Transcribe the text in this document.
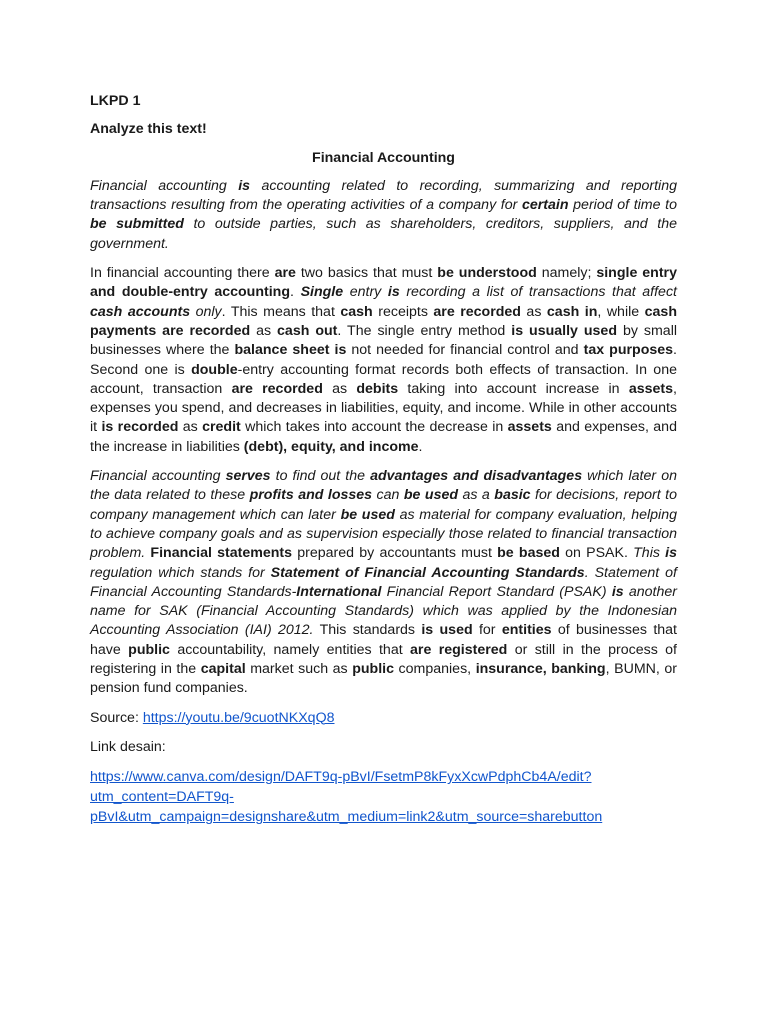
LKPD 1
Analyze this text!
Financial Accounting

Financial accounting is accounting related to recording, summarizing and reporting transactions resulting from the operating activities of a company for certain period of time to be submitted to outside parties, such as shareholders, creditors, suppliers, and the government.

In financial accounting there are two basics that must be understood namely; single entry and double-entry accounting. Single entry is recording a list of transactions that affect cash accounts only. This means that cash receipts are recorded as cash in, while cash payments are recorded as cash out. The single entry method is usually used by small businesses where the balance sheet is not needed for financial control and tax purposes. Second one is double-entry accounting format records both effects of transaction. In one account, transaction are recorded as debits taking into account increase in assets, expenses you spend, and decreases in liabilities, equity, and income. While in other accounts it is recorded as credit which takes into account the decrease in assets and expenses, and the increase in liabilities (debt), equity, and income.

Financial accounting serves to find out the advantages and disadvantages which later on the data related to these profits and losses can be used as a basic for decisions, report to company management which can later be used as material for company evaluation, helping to achieve company goals and as supervision especially those related to financial transaction problem. Financial statements prepared by accountants must be based on PSAK. This is regulation which stands for Statement of Financial Accounting Standards. Statement of Financial Accounting Standards-International Financial Report Standard (PSAK) is another name for SAK (Financial Accounting Standards) which was applied by the Indonesian Accounting Association (IAI) 2012. This standards is used for entities of businesses that have public accountability, namely entities that are registered or still in the process of registering in the capital market such as public companies, insurance, banking, BUMN, or pension fund companies.

Source: https://youtu.be/9cuotNKXqQ8
Link desain:
https://www.canva.com/design/DAFT9q-pBvI/FsetmP8kFyxXcwPdphCb4A/edit?
utm_content=DAFT9q-
pBvI&utm_campaign=designshare&utm_medium=link2&utm_source=sharebutton
